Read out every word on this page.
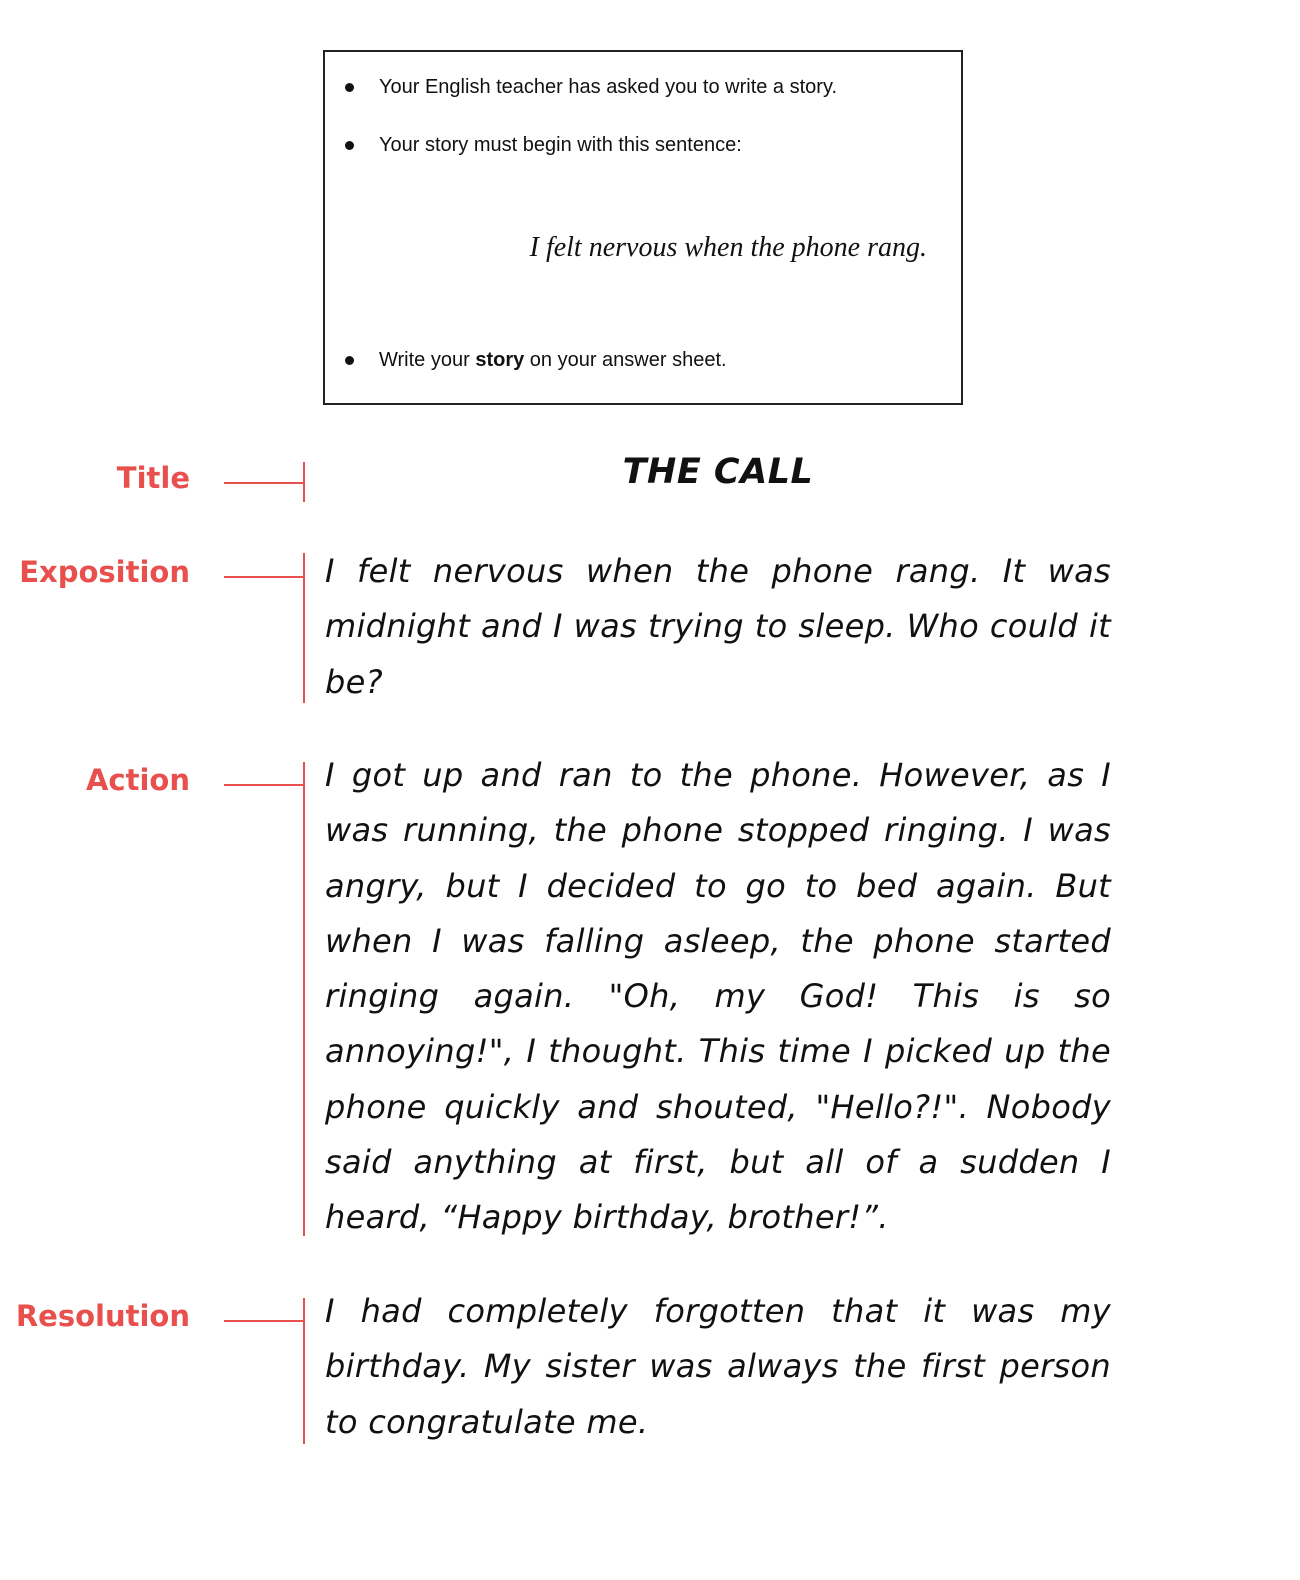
Your English teacher has asked you to write a story.
Your story must begin with this sentence:
I felt nervous when the phone rang.
Write your story on your answer sheet.
Title
Exposition
Action
Resolution
THE CALL

I felt nervous when the phone rang. It was midnight and I was trying to sleep. Who could it be?

I got up and ran to the phone. However, as I was running, the phone stopped ringing. I was angry, but I decided to go to bed again. But when I was falling asleep, the phone started ringing again. "Oh, my God! This is so annoying!", I thought. This time I picked up the phone quickly and shouted, "Hello?!". Nobody said anything at first, but all of a sudden I heard, “Happy birthday, brother!”.

I had completely forgotten that it was my birthday. My sister was always the first person to congratulate me.
